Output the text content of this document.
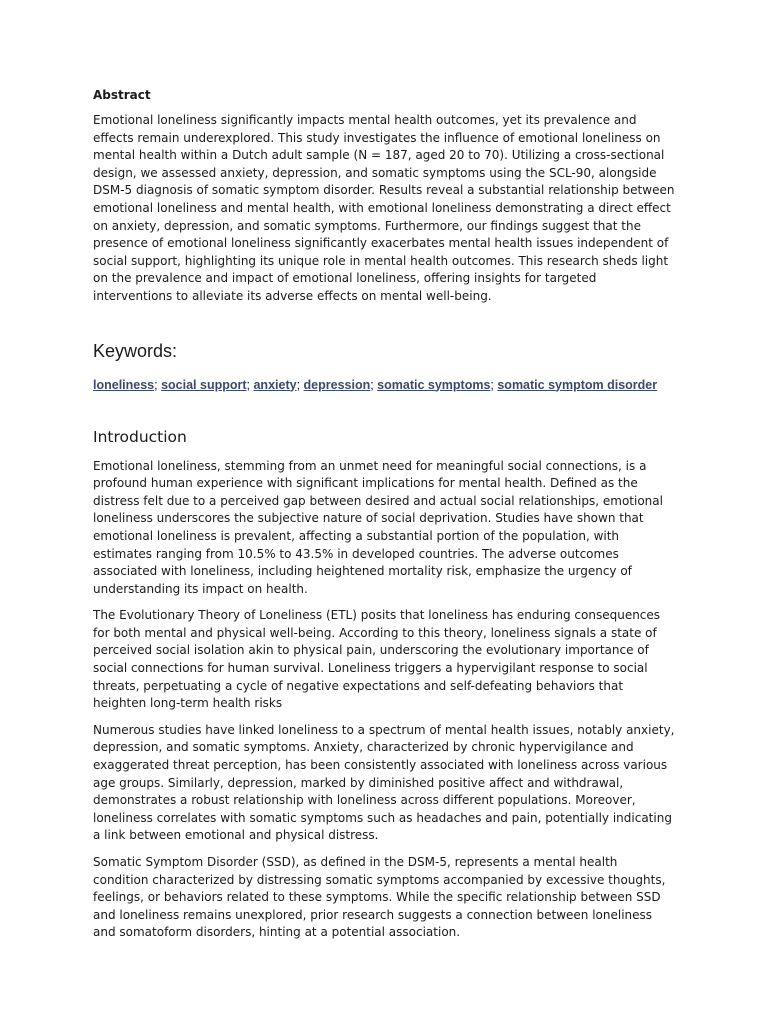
Abstract

Emotional loneliness significantly impacts mental health outcomes, yet its prevalence and effects remain underexplored. This study investigates the influence of emotional loneliness on mental health within a Dutch adult sample (N = 187, aged 20 to 70). Utilizing a cross-sectional design, we assessed anxiety, depression, and somatic symptoms using the SCL-90, alongside DSM-5 diagnosis of somatic symptom disorder. Results reveal a substantial relationship between emotional loneliness and mental health, with emotional loneliness demonstrating a direct effect on anxiety, depression, and somatic symptoms. Furthermore, our findings suggest that the presence of emotional loneliness significantly exacerbates mental health issues independent of social support, highlighting its unique role in mental health outcomes. This research sheds light on the prevalence and impact of emotional loneliness, offering insights for targeted interventions to alleviate its adverse effects on mental well-being.

Keywords:
loneliness; social support; anxiety; depression; somatic symptoms; somatic symptom disorder
Introduction

Emotional loneliness, stemming from an unmet need for meaningful social connections, is a profound human experience with significant implications for mental health. Defined as the distress felt due to a perceived gap between desired and actual social relationships, emotional loneliness underscores the subjective nature of social deprivation. Studies have shown that emotional loneliness is prevalent, affecting a substantial portion of the population, with estimates ranging from 10.5% to 43.5% in developed countries. The adverse outcomes associated with loneliness, including heightened mortality risk, emphasize the urgency of understanding its impact on health.

The Evolutionary Theory of Loneliness (ETL) posits that loneliness has enduring consequences for both mental and physical well-being. According to this theory, loneliness signals a state of perceived social isolation akin to physical pain, underscoring the evolutionary importance of social connections for human survival. Loneliness triggers a hypervigilant response to social threats, perpetuating a cycle of negative expectations and self-defeating behaviors that heighten long-term health risks

Numerous studies have linked loneliness to a spectrum of mental health issues, notably anxiety, depression, and somatic symptoms. Anxiety, characterized by chronic hypervigilance and exaggerated threat perception, has been consistently associated with loneliness across various age groups. Similarly, depression, marked by diminished positive affect and withdrawal, demonstrates a robust relationship with loneliness across different populations. Moreover, loneliness correlates with somatic symptoms such as headaches and pain, potentially indicating a link between emotional and physical distress.

Somatic Symptom Disorder (SSD), as defined in the DSM-5, represents a mental health condition characterized by distressing somatic symptoms accompanied by excessive thoughts, feelings, or behaviors related to these symptoms. While the specific relationship between SSD and loneliness remains unexplored, prior research suggests a connection between loneliness and somatoform disorders, hinting at a potential association.
